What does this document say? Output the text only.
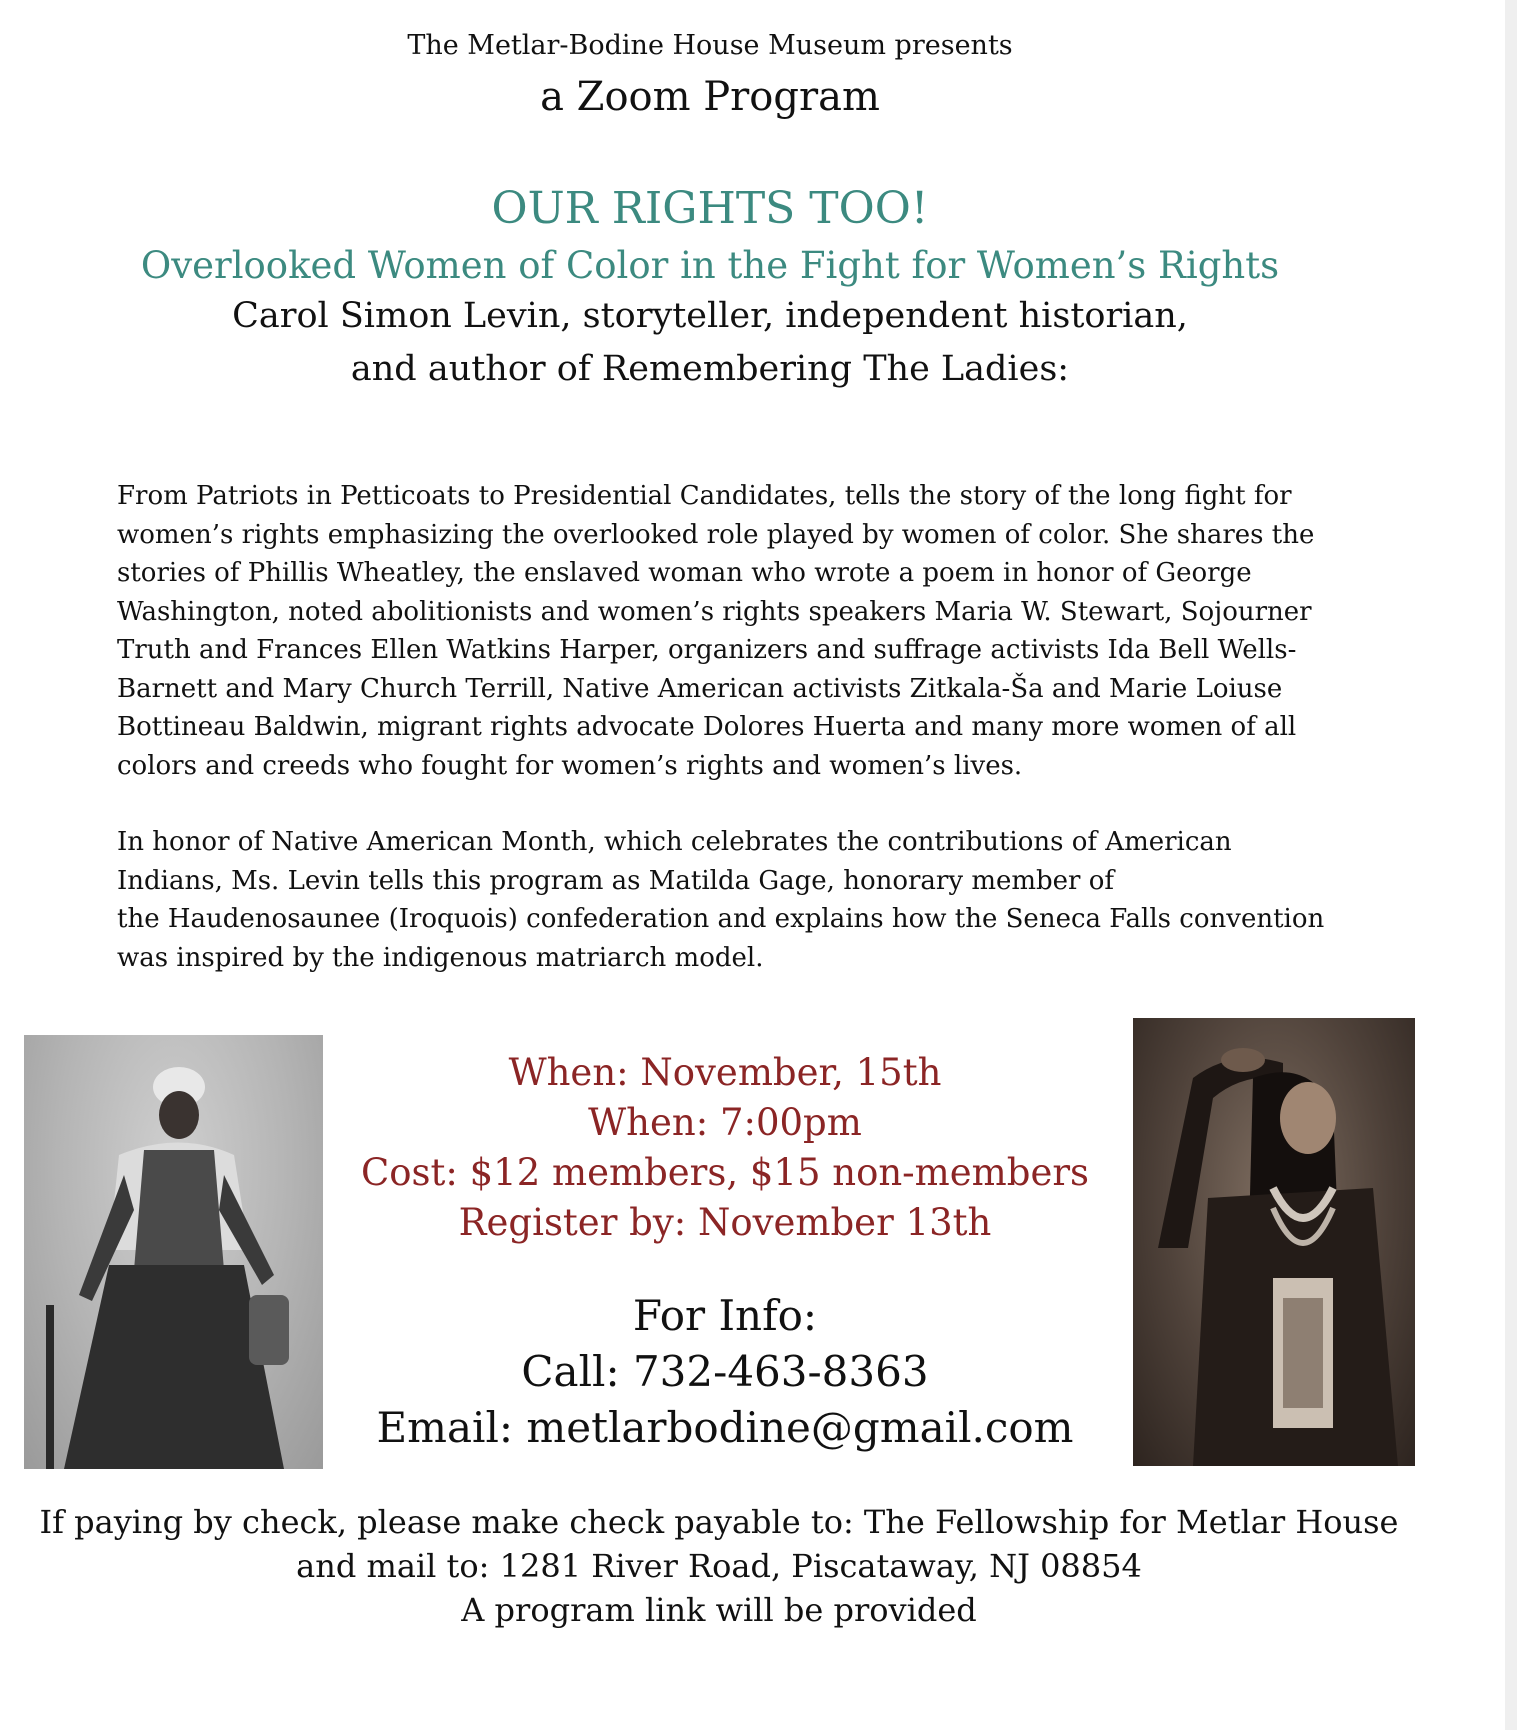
The Metlar-Bodine House Museum presents
a Zoom Program
OUR RIGHTS TOO!
Overlooked Women of Color in the Fight for Women’s Rights
Carol Simon Levin, storyteller, independent historian,
and author of Remembering The Ladies:
From Patriots in Petticoats to Presidential Candidates, tells the story of the long fight for
women’s rights emphasizing the overlooked role played by women of color. She shares the
stories of Phillis Wheatley, the enslaved woman who wrote a poem in honor of George
Washington, noted abolitionists and women’s rights speakers Maria W. Stewart, Sojourner
Truth and Frances Ellen Watkins Harper, organizers and suffrage activists Ida Bell Wells-
Barnett and Mary Church Terrill, Native American activists Zitkala-Ša and Marie Loiuse
Bottineau Baldwin, migrant rights advocate Dolores Huerta and many more women of all
colors and creeds who fought for women’s rights and women’s lives.
In honor of Native American Month, which celebrates the contributions of American
Indians, Ms. Levin tells this program as Matilda Gage, honorary member of
the Haudenosaunee (Iroquois) confederation and explains how the Seneca Falls convention
was inspired by the indigenous matriarch model.
When: November, 15th
When: 7:00pm
Cost: $12 members, $15 non-members
Register by: November 13th
For Info:
Call: 732-463-8363
Email: metlarbodine@gmail.com
If paying by check, please make check payable to: The Fellowship for Metlar House
and mail to: 1281 River Road, Piscataway, NJ 08854
A program link will be provided
